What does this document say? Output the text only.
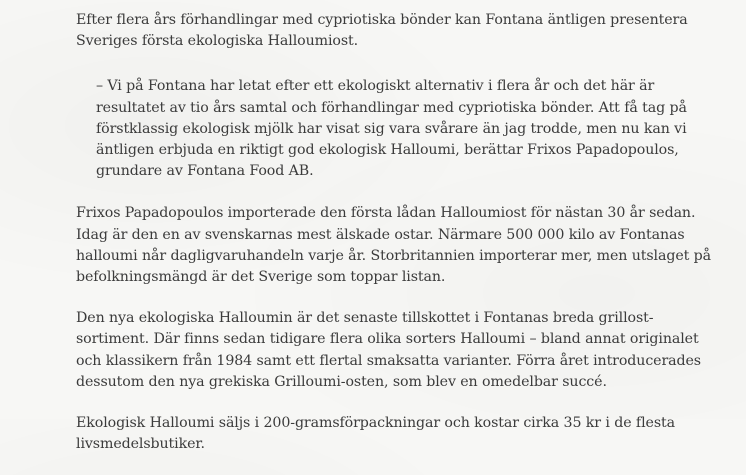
Efter flera års förhandlingar med cypriotiska bönder kan Fontana äntligen presentera Sveriges första ekologiska Halloumiost.

– Vi på Fontana har letat efter ett ekologiskt alternativ i flera år och det här är resultatet av tio års samtal och förhandlingar med cypriotiska bönder. Att få tag på förstklassig ekologisk mjölk har visat sig vara svårare än jag trodde, men nu kan vi äntligen erbjuda en riktigt god ekologisk Halloumi, berättar Frixos Papadopoulos, grundare av Fontana Food AB.

Frixos Papadopoulos importerade den första lådan Halloumiost för nästan 30 år sedan. Idag är den en av svenskarnas mest älskade ostar. Närmare 500 000 kilo av Fontanas halloumi når dagligvaruhandeln varje år. Storbritannien importerar mer, men utslaget på befolkningsmängd är det Sverige som toppar listan.

Den nya ekologiska Halloumin är det senaste tillskottet i Fontanas breda grillost-sortiment. Där finns sedan tidigare flera olika sorters Halloumi – bland annat originalet och klassikern från 1984 samt ett flertal smaksatta varianter. Förra året introducerades dessutom den nya grekiska Grilloumi-osten, som blev en omedelbar succé.

Ekologisk Halloumi säljs i 200-gramsförpackningar och kostar cirka 35 kr i de flesta livsmedelsbutiker.
